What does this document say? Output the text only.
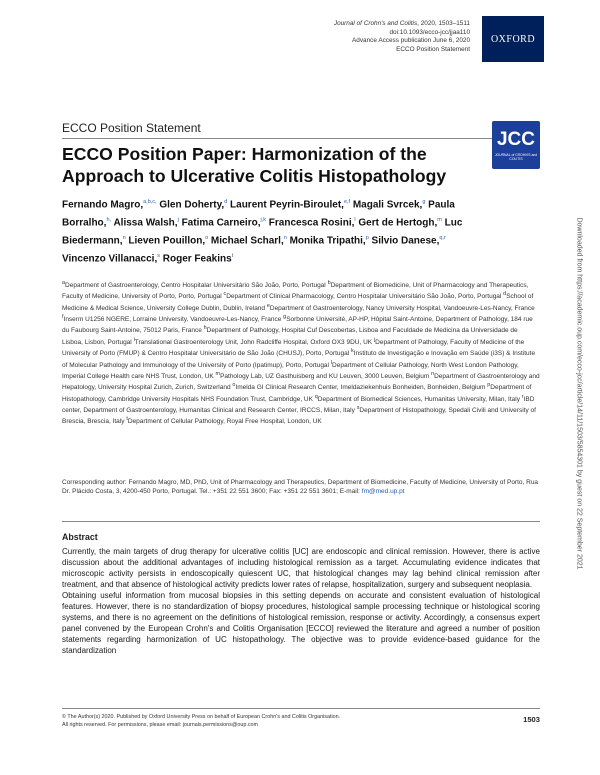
Journal of Crohn's and Colitis, 2020, 1503–1511
doi:10.1093/ecco-jcc/jjaa110
Advance Access publication June 6, 2020
ECCO Position Statement
OXFORD
ECCO Position Statement
JCC
JOURNAL of CROHN'S and COLITIS
ECCO Position Paper: Harmonization of the Approach to Ulcerative Colitis Histopathology
Fernando Magro,$^{a,b,c,}$ Glen Doherty,$^d$ Laurent Peyrin-Biroulet,$^{e,f}$ Magali Svrcek,$^g$ Paula Borralho,$^{h,}$ Alissa Walsh,$^j$ Fatima Carneiro,$^{j,k}$ Francesca Rosini,$^l$ Gert de Hertogh,$^m$ Luc Biedermann,$^n$ Lieven Pouillon,$^o$ Michael Scharl,$^n$ Monika Tripathi,$^p$ Silvio Danese,$^{q,r}$ Vincenzo Villanacci,$^s$ Roger Feakins$^t$
$^a$Department of Gastroenterology, Centro Hospitalar Universitário São João, Porto, Portugal $^b$Department of Biomedicine, Unit of Pharmacology and Therapeutics, Faculty of Medicine, University of Porto, Porto, Portugal $^c$Department of Clinical Pharmacology, Centro Hospitalar Universitário São João, Porto, Portugal $^d$School of Medicine & Medical Science, University College Dublin, Dublin, Ireland $^e$Department of Gastroenterology, Nancy University Hospital, Vandoeuvre-Les-Nancy, France $^f$Inserm U1256 NGERE, Lorraine University, Vandoeuvre-Les-Nancy, France $^g$Sorbonne Université, AP-HP, Hôpital Saint-Antoine, Department of Pathology, 184 rue du Faubourg Saint-Antoine, 75012 Paris, France $^h$Department of Pathology, Hospital Cuf Descobertas, Lisboa and Faculdade de Medicina da Universidade de Lisboa, Lisbon, Portugal $^i$Translational Gastroenterology Unit, John Radcliffe Hospital, Oxford OX3 9DU, UK $^j$Department of Pathology, Faculty of Medicine of the University of Porto (FMUP) & Centro Hospitalar Universitário de São João (CHUSJ), Porto, Portugal $^k$Instituto de Investigação e Inovação em Saúde (i3S) & Institute of Molecular Pathology and Immunology of the University of Porto (Ipatimup), Porto, Portugal $^l$Department of Cellular Pathology, North West London Pathology, Imperial College Health care NHS Trust, London, UK $^m$Pathology Lab, UZ Gasthuisberg and KU Leuven, 3000 Leuven, Belgium $^n$Department of Gastroenterology and Hepatology, University Hospital Zurich, Zurich, Switzerland $^o$Imelda GI Clinical Research Center, Imeldaziekenhuis Bonheiden, Bonheiden, Belgium $^p$Department of Histopathology, Cambridge University Hospitals NHS Foundation Trust, Cambridge, UK $^q$Department of Biomedical Sciences, Humanitas University, Milan, Italy $^r$IBD center, Department of Gastroenterology, Humanitas Clinical and Research Center, IRCCS, Milan, Italy $^s$Department of Histopathology, Spedali Civili and University of Brescia, Brescia, Italy $^t$Department of Cellular Pathology, Royal Free Hospital, London, UK
Corresponding author: Fernando Magro, MD, PhD, Unit of Pharmacology and Therapeutics, Department of Biomedicine, Faculty of Medicine, University of Porto, Rua Dr. Plácido Costa, 3, 4200-450 Porto, Portugal. Tel.: +351 22 551 3600; Fax: +351 22 551 3601; E-mail: fm@med.up.pt
Abstract

Currently, the main targets of drug therapy for ulcerative colitis [UC] are endoscopic and clinical remission. However, there is active discussion about the additional advantages of including histological remission as a target. Accumulating evidence indicates that microscopic activity persists in endoscopically quiescent UC, that histological changes may lag behind clinical remission after treatment, and that absence of histological activity predicts lower rates of relapse, hospitalization, surgery and subsequent neoplasia.

Obtaining useful information from mucosal biopsies in this setting depends on accurate and consistent evaluation of histological features. However, there is no standardization of biopsy procedures, histological sample processing technique or histological scoring systems, and there is no agreement on the definitions of histological remission, response or activity. Accordingly, a consensus expert panel convened by the European Crohn's and Colitis Organisation [ECCO] reviewed the literature and agreed a number of position statements regarding harmonization of UC histopathology. The objective was to provide evidence-based guidance for the standardization

© The Author(s) 2020. Published by Oxford University Press on behalf of European Crohn's and Colitis Organisation.
All rights reserved. For permissions, please email: journals.permissions@oup.com
1503
Downloaded from https://academic.oup.com/ecco-jcc/article/14/11/1503/5854301 by guest on 22 September 2021
